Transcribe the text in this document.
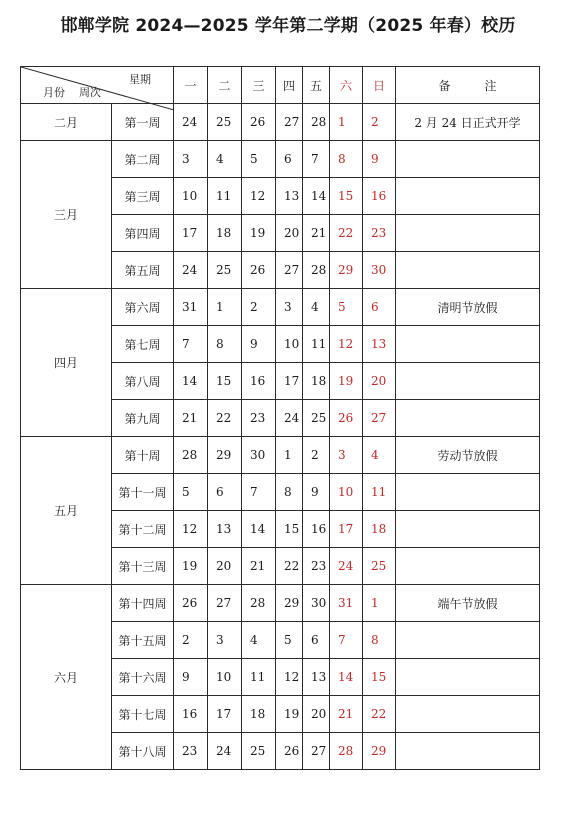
邯郸学院 2024—2025 学年第二学期（2025 年春）校历
星期
月份 周次		一	二	三	四	五	六	日	备注
二月	第一周	24	25	26	27	28	1	2	2 月 24 日正式开学
三月	第二周	3	4	5	6	7	8	9	
	第三周	10	11	12	13	14	15	16	
	第四周	17	18	19	20	21	22	23	
	第五周	24	25	26	27	28	29	30	
四月	第六周	31	1	2	3	4	5	6	清明节放假
	第七周	7	8	9	10	11	12	13	
	第八周	14	15	16	17	18	19	20	
	第九周	21	22	23	24	25	26	27	
五月	第十周	28	29	30	1	2	3	4	劳动节放假
	第十一周	5	6	7	8	9	10	11	
	第十二周	12	13	14	15	16	17	18	
	第十三周	19	20	21	22	23	24	25	
六月	第十四周	26	27	28	29	30	31	1	端午节放假
	第十五周	2	3	4	5	6	7	8	
	第十六周	9	10	11	12	13	14	15	
	第十七周	16	17	18	19	20	21	22	
	第十八周	23	24	25	26	27	28	29	
